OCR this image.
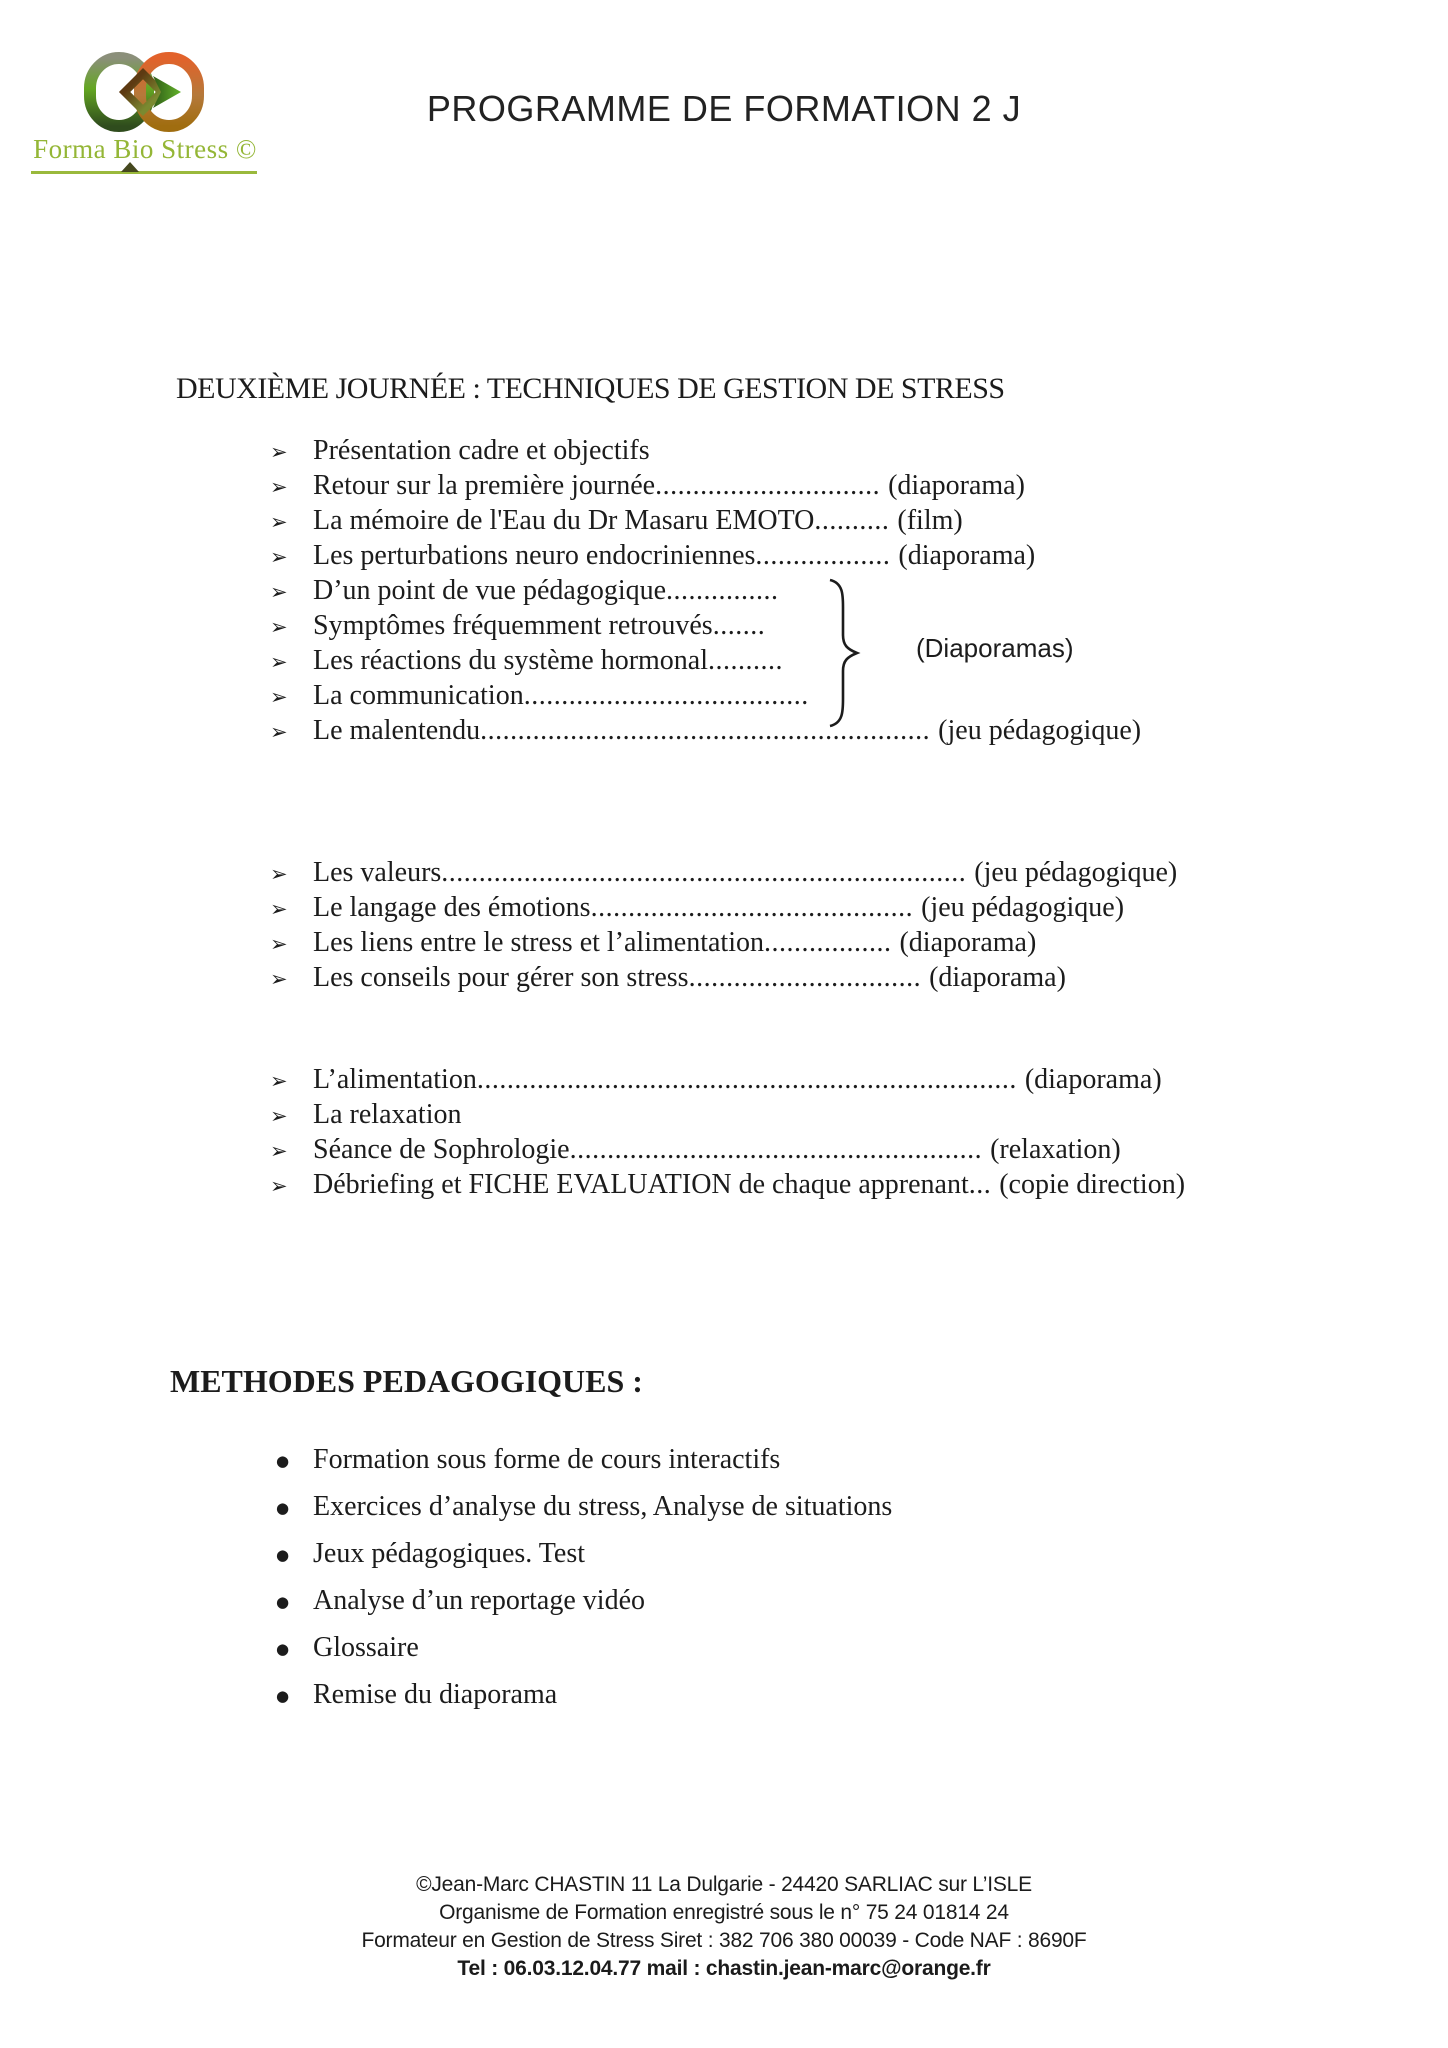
Forma Bio Stress ©
PROGRAMME DE FORMATION 2 J
DEUXIÈME JOURNÉE : TECHNIQUES DE GESTION DE STRESS
➢ Présentation cadre et objectifs
➢ Retour sur la première journée.............................. (diaporama)
➢ La mémoire de l'Eau du Dr Masaru EMOTO.......... (film)
➢ Les perturbations neuro endocriniennes.................. (diaporama)
➢ D’un point de vue pédagogique...............
➢ Symptômes fréquemment retrouvés.......
➢ Les réactions du système hormonal..........
➢ La communication......................................
➢ Le malentendu............................................................ (jeu pédagogique)
(Diaporamas)
➢ Les valeurs...................................................................... (jeu pédagogique)
➢ Le langage des émotions........................................... (jeu pédagogique)
➢ Les liens entre le stress et l’alimentation................. (diaporama)
➢ Les conseils pour gérer son stress............................... (diaporama)
➢ L’alimentation........................................................................ (diaporama)
➢ La relaxation
➢ Séance de Sophrologie....................................................... (relaxation)
➢ Débriefing et FICHE EVALUATION de chaque apprenant... (copie direction)
METHODES PEDAGOGIQUES :
● Formation sous forme de cours interactifs
● Exercices d’analyse du stress, Analyse de situations
● Jeux pédagogiques. Test
● Analyse d’un reportage vidéo
● Glossaire
● Remise du diaporama
©Jean-Marc CHASTIN 11 La Dulgarie - 24420 SARLIAC sur L’ISLE
Organisme de Formation enregistré sous le n° 75 24 01814 24
Formateur en Gestion de Stress Siret : 382 706 380 00039 - Code NAF : 8690F
Tel : 06.03.12.04.77 mail : chastin.jean-marc@orange.fr
